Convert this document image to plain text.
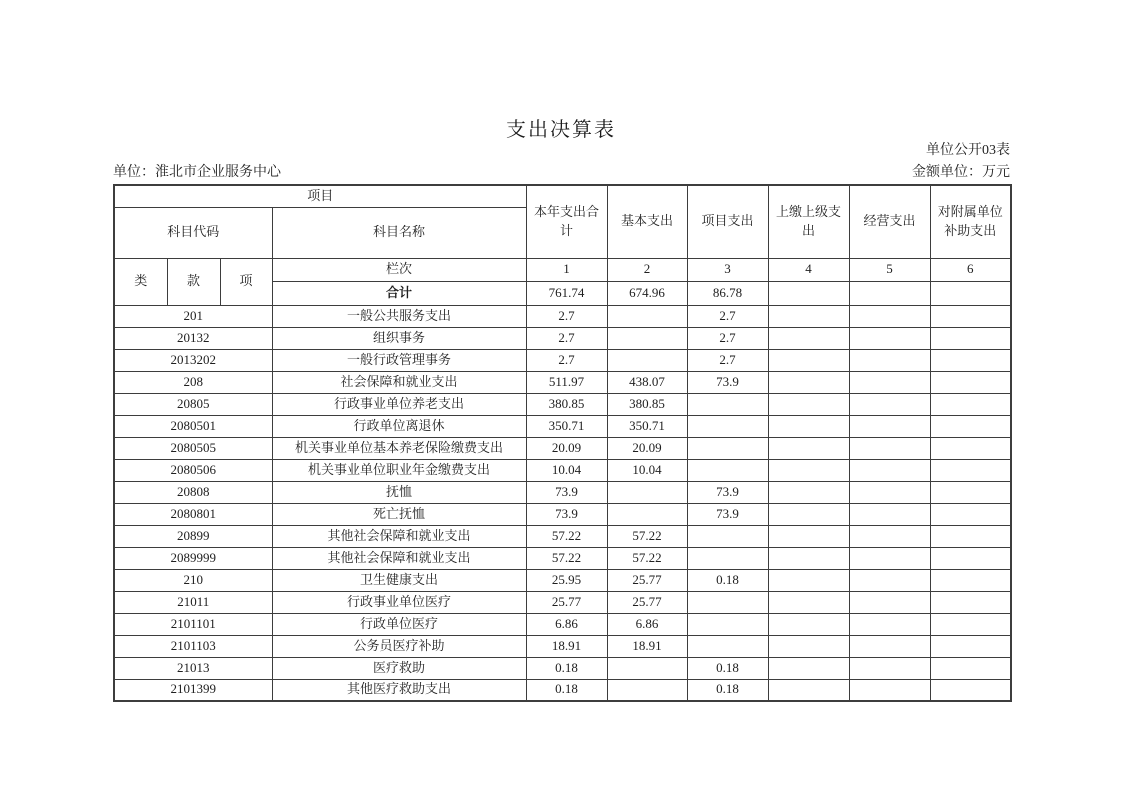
支出决算表
单位公开03表
单位：淮北市企业服务中心	金额单位：万元
项目				本年支出合计	基本支出	项目支出	上缴上级支出	经营支出	对附属单位补助支出
科目代码			科目名称						
类	款	项	栏次	1	2	3	4	5	6
			合计	761.74	674.96	86.78			
201			一般公共服务支出	2.7		2.7			
20132			组织事务	2.7		2.7			
2013202			一般行政管理事务	2.7		2.7			
208			社会保障和就业支出	511.97	438.07	73.9			
20805			行政事业单位养老支出	380.85	380.85				
2080501			行政单位离退休	350.71	350.71				
2080505			机关事业单位基本养老保险缴费支出	20.09	20.09				
2080506			机关事业单位职业年金缴费支出	10.04	10.04				
20808			抚恤	73.9		73.9			
2080801			死亡抚恤	73.9		73.9			
20899			其他社会保障和就业支出	57.22	57.22				
2089999			其他社会保障和就业支出	57.22	57.22				
210			卫生健康支出	25.95	25.77	0.18			
21011			行政事业单位医疗	25.77	25.77				
2101101			行政单位医疗	6.86	6.86				
2101103			公务员医疗补助	18.91	18.91				
21013			医疗救助	0.18		0.18			
2101399			其他医疗救助支出	0.18		0.18			
